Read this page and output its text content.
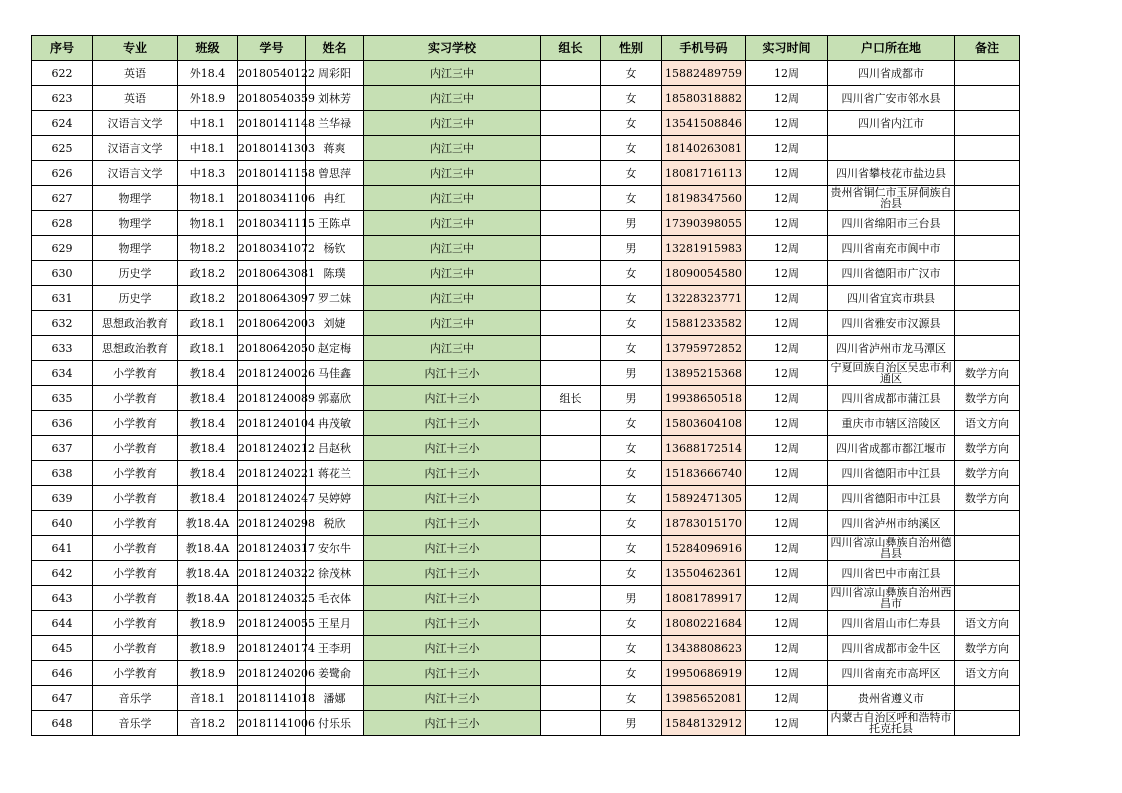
序号	专业	班级	学号	姓名	实习学校	组长	性别	手机号码	实习时间	户口所在地	备注
622	英语	外18.4	20180540122	周彩阳	内江三中		女	15882489759	12周	四川省成都市	
623	英语	外18.9	20180540359	刘林芳	内江三中		女	18580318882	12周	四川省广安市邻水县	
624	汉语言文学	中18.1	20180141148	兰华禄	内江三中		女	13541508846	12周	四川省内江市	
625	汉语言文学	中18.1	20180141303	蒋爽	内江三中		女	18140263081	12周		
626	汉语言文学	中18.3	20180141158	曾思萍	内江三中		女	18081716113	12周	四川省攀枝花市盐边县	
627	物理学	物18.1	20180341106	冉红	内江三中		女	18198347560	12周	贵州省铜仁市玉屏侗族自治县	
628	物理学	物18.1	20180341115	王陈卓	内江三中		男	17390398055	12周	四川省绵阳市三台县	
629	物理学	物18.2	20180341072	杨钦	内江三中		男	13281915983	12周	四川省南充市阆中市	
630	历史学	政18.2	20180643081	陈璞	内江三中		女	18090054580	12周	四川省德阳市广汉市	
631	历史学	政18.2	20180643097	罗二妹	内江三中		女	13228323771	12周	四川省宜宾市珙县	
632	思想政治教育	政18.1	20180642003	刘婕	内江三中		女	15881233582	12周	四川省雅安市汉源县	
633	思想政治教育	政18.1	20180642050	赵定梅	内江三中		女	13795972852	12周	四川省泸州市龙马潭区	
634	小学教育	教18.4	20181240026	马佳鑫	内江十三小		男	13895215368	12周	宁夏回族自治区吴忠市利通区	数学方向
635	小学教育	教18.4	20181240089	郭嘉欣	内江十三小	组长	男	19938650518	12周	四川省成都市蒲江县	数学方向
636	小学教育	教18.4	20181240104	冉茂敏	内江十三小		女	15803604108	12周	重庆市市辖区涪陵区	语文方向
637	小学教育	教18.4	20181240212	吕赵秋	内江十三小		女	13688172514	12周	四川省成都市都江堰市	数学方向
638	小学教育	教18.4	20181240221	蒋花兰	内江十三小		女	15183666740	12周	四川省德阳市中江县	数学方向
639	小学教育	教18.4	20181240247	吴婷婷	内江十三小		女	15892471305	12周	四川省德阳市中江县	数学方向
640	小学教育	教18.4A	20181240298	税欣	内江十三小		女	18783015170	12周	四川省泸州市纳溪区	
641	小学教育	教18.4A	20181240317	安尔牛	内江十三小		女	15284096916	12周	四川省凉山彝族自治州德昌县	
642	小学教育	教18.4A	20181240322	徐茂林	内江十三小		女	13550462361	12周	四川省巴中市南江县	
643	小学教育	教18.4A	20181240325	毛衣体	内江十三小		男	18081789917	12周	四川省凉山彝族自治州西昌市	
644	小学教育	教18.9	20181240055	王星月	内江十三小		女	18080221684	12周	四川省眉山市仁寿县	语文方向
645	小学教育	教18.9	20181240174	王李玥	内江十三小		女	13438808623	12周	四川省成都市金牛区	数学方向
646	小学教育	教18.9	20181240206	姜鹭俞	内江十三小		女	19950686919	12周	四川省南充市高坪区	语文方向
647	音乐学	音18.1	20181141018	潘娜	内江十三小		女	13985652081	12周	贵州省遵义市	
648	音乐学	音18.2	20181141006	付乐乐	内江十三小		男	15848132912	12周	内蒙古自治区呼和浩特市托克托县	
